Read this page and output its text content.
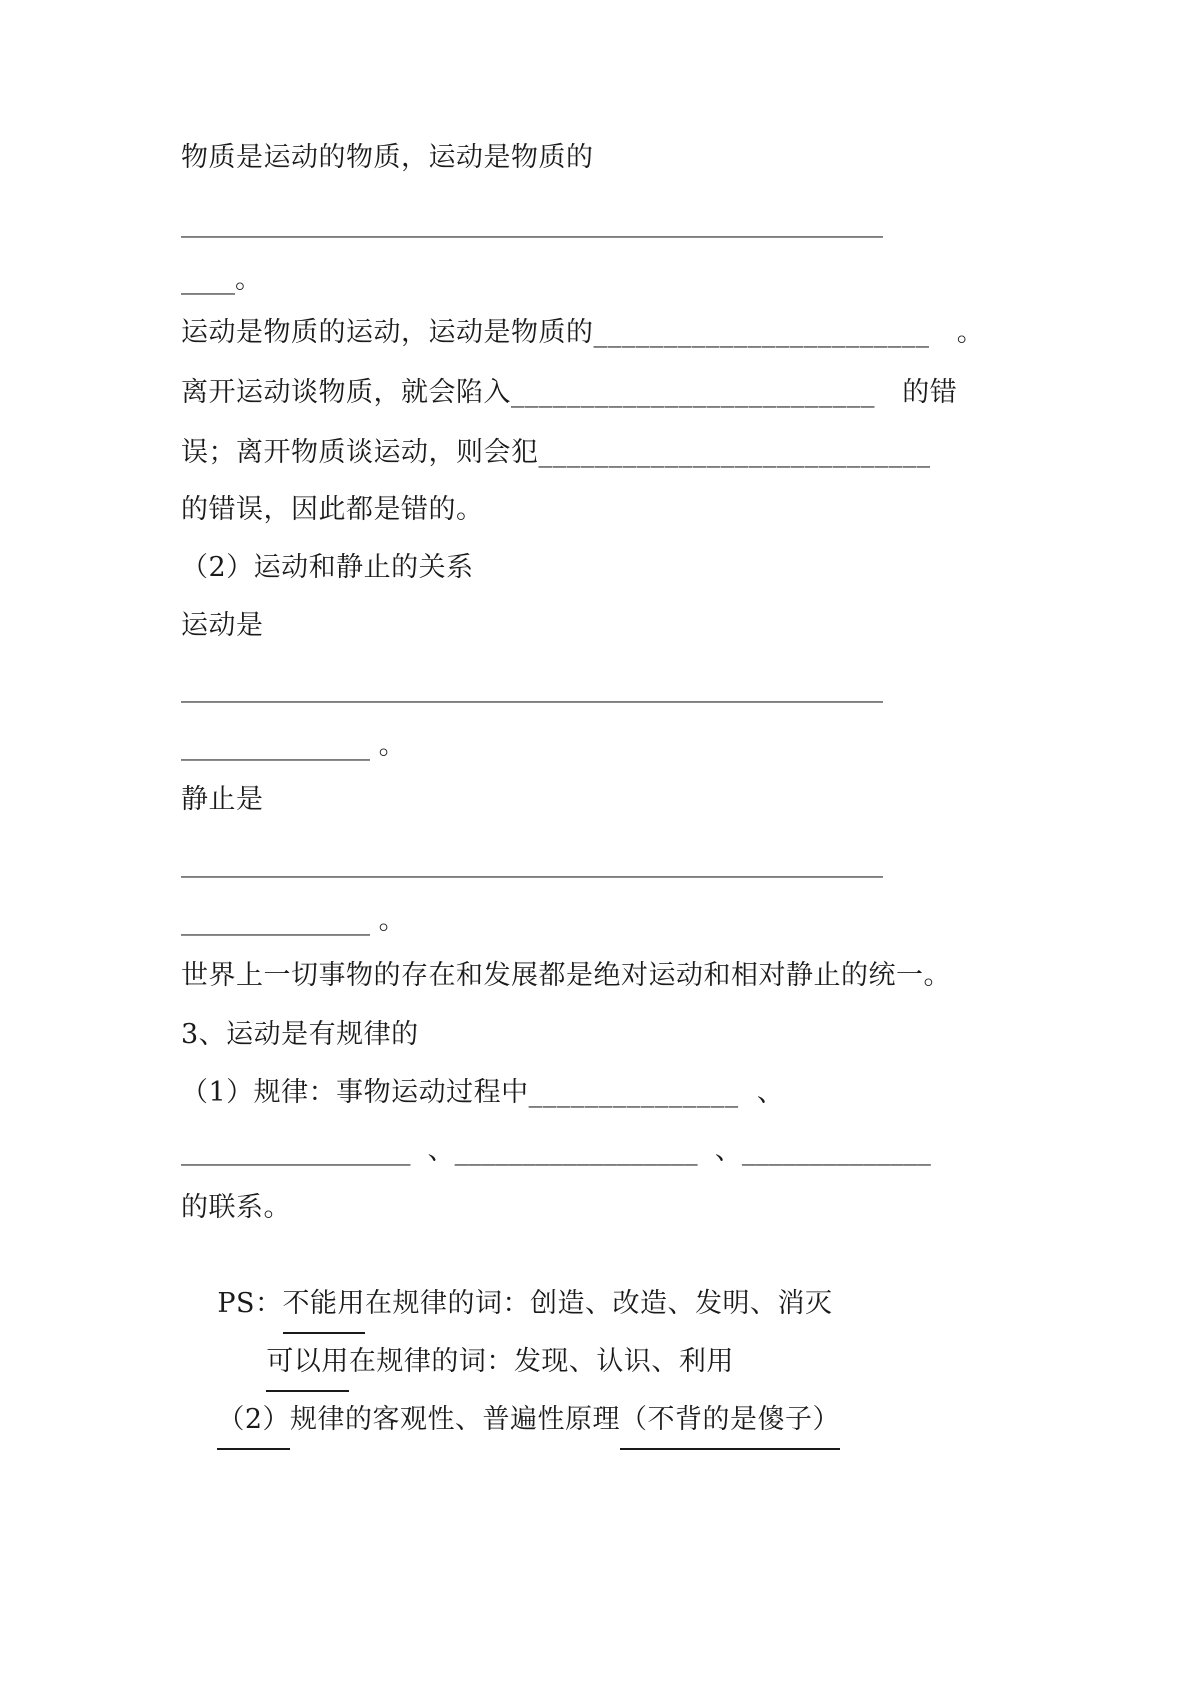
物质是运动的物质，运动是物质的
____________________________________________________
____。
运动是物质的运动，运动是物质的________________________   。
离开运动谈物质，就会陷入__________________________   的错
误；离开物质谈运动，则会犯____________________________
的错误，因此都是错的。
（2）运动和静止的关系
运动是
____________________________________________________
______________ 。
静止是
____________________________________________________
______________ 。
世界上一切事物的存在和发展都是绝对运动和相对静止的统一。
3、运动是有规律的
（1）规律：事物运动过程中_______________  、
_________________  、__________________  、______________
的联系。

PS：不能用在规律的词：创造、改造、发明、消灭

可以用在规律的词：发现、认识、利用

（2）规律的客观性、普遍性原理（不背的是傻子）
